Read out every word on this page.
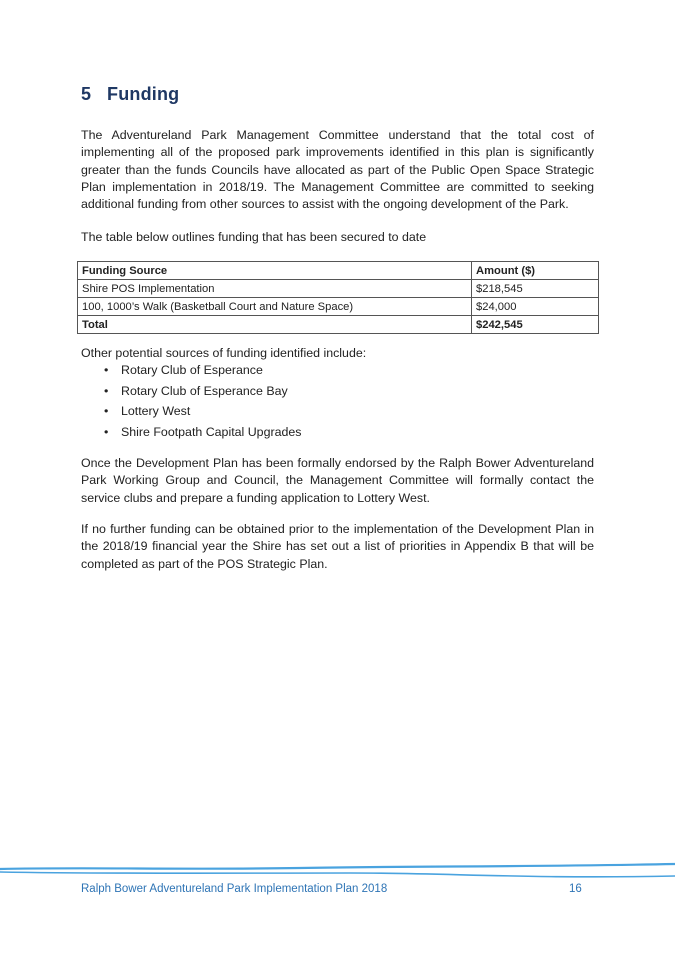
5 Funding

The Adventureland Park Management Committee understand that the total cost of implementing all of the proposed park improvements identified in this plan is significantly greater than the funds Councils have allocated as part of the Public Open Space Strategic Plan implementation in 2018/19. The Management Committee are committed to seeking additional funding from other sources to assist with the ongoing development of the Park.

The table below outlines funding that has been secured to date

Funding Source	Amount ($)
Shire POS Implementation	$218,545
100, 1000’s Walk (Basketball Court and Nature Space)	$24,000
Total	$242,545

Other potential sources of funding identified include:

• Rotary Club of Esperance
• Rotary Club of Esperance Bay
• Lottery West
• Shire Footpath Capital Upgrades

Once the Development Plan has been formally endorsed by the Ralph Bower Adventureland Park Working Group and Council, the Management Committee will formally contact the service clubs and prepare a funding application to Lottery West.

If no further funding can be obtained prior to the implementation of the Development Plan in the 2018/19 financial year the Shire has set out a list of priorities in Appendix B that will be completed as part of the POS Strategic Plan.

Ralph Bower Adventureland Park Implementation Plan 2018	16
